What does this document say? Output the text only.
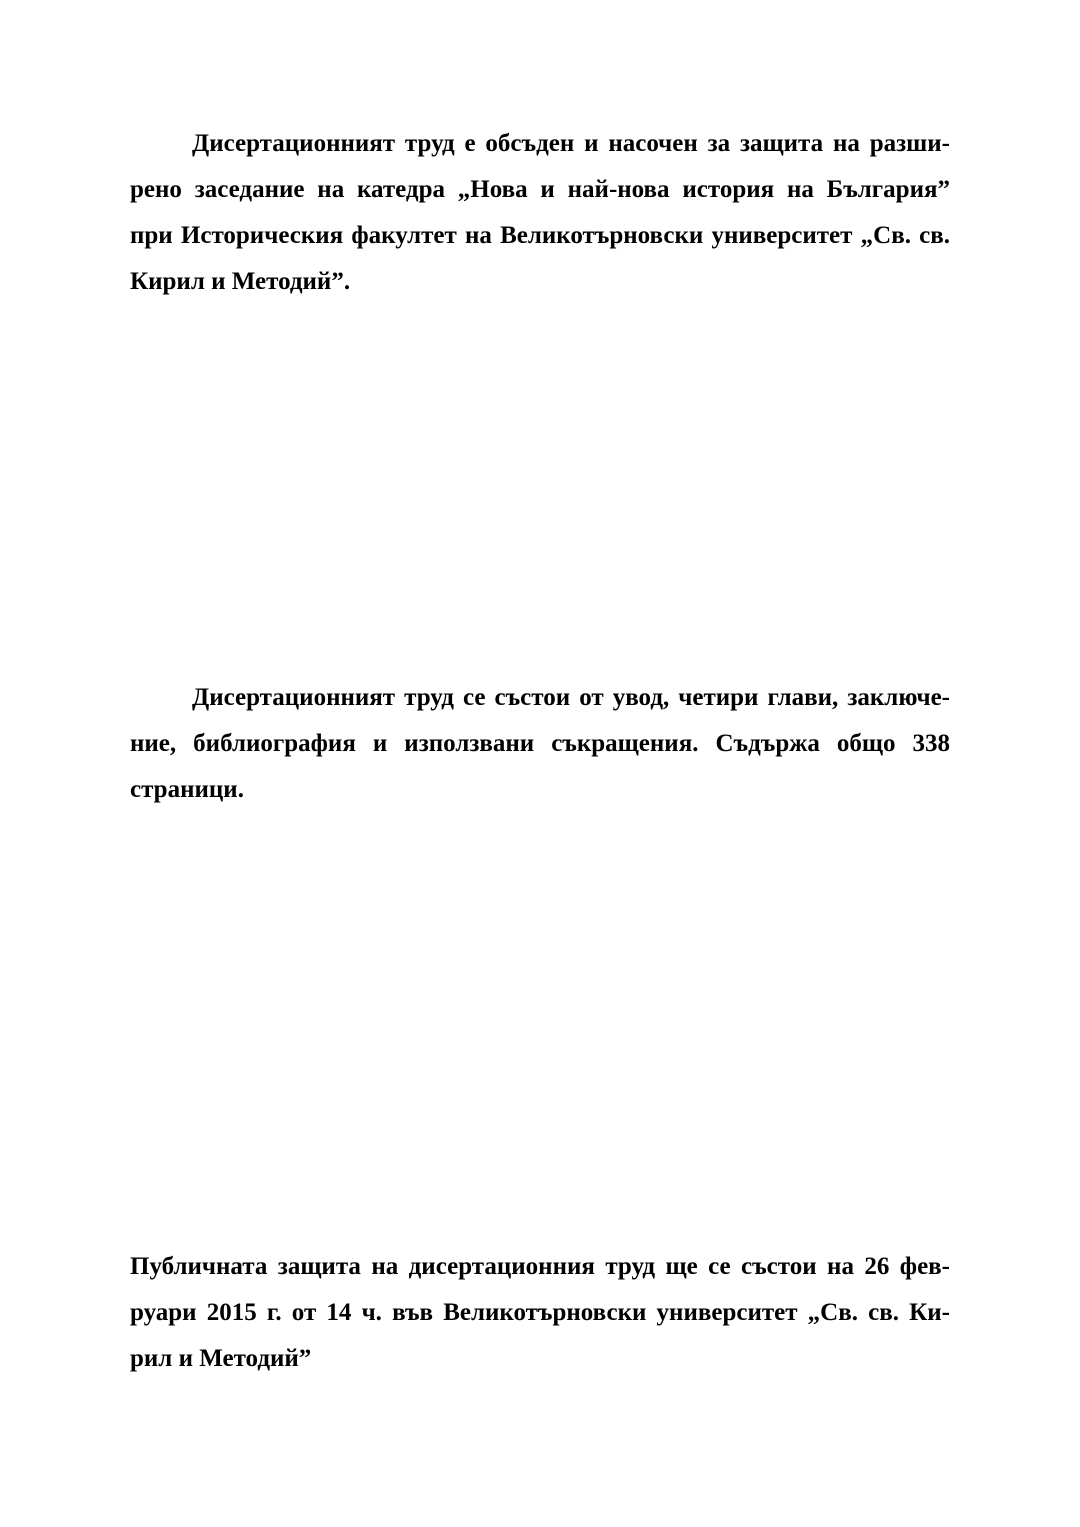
Дисертационният труд е обсъден и насочен за защита на разши-
рено заседание на катедра „Нова и най-нова история на България”
при Историческия факултет на Великотърновски университет „Св. св.
Кирил и Методий”.
Дисертационният труд се състои от увод, четири глави, заключе-
ние, библиография и използвани съкращения. Съдържа общо 338
страници.
Публичната защита на дисертационния труд ще се състои на 26 фев-
руари 2015 г. от 14 ч. във Великотърновски университет „Св. св. Ки-
рил и Методий”
